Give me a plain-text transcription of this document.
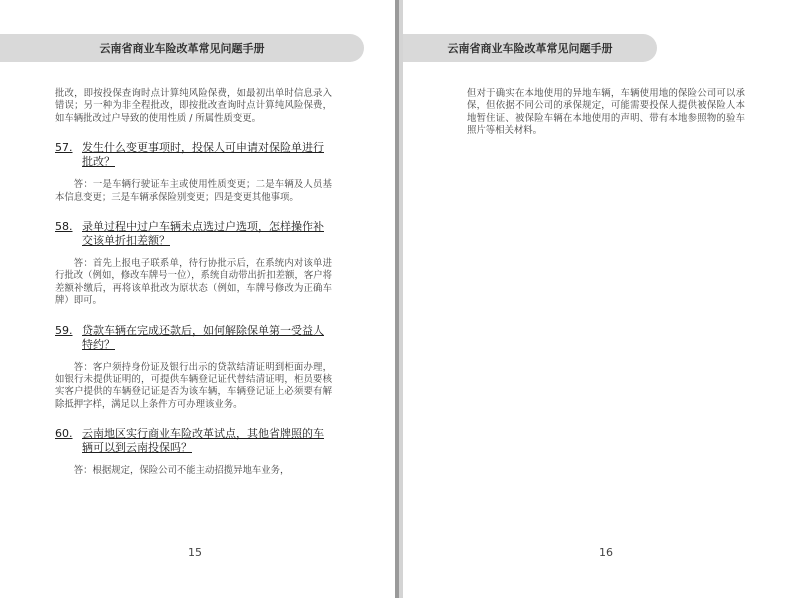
云南省商业车险改革常见问题手册

批改，即按投保查询时点计算纯风险保费，如最初出单时信息录入错误；另一种为非全程批改，即按批改查询时点计算纯风险保费，如车辆批改过户导致的使用性质 / 所属性质变更。

57. 发生什么变更事项时，投保人可申请对保险单进行批改？

答：一是车辆行驶证车主或使用性质变更；二是车辆及人员基本信息变更；三是车辆承保险别变更；四是变更其他事项。

58. 录单过程中过户车辆未点选过户选项，怎样操作补交该单折扣差额？

答：首先上报电子联系单，待行协批示后，在系统内对该单进行批改（例如，修改车牌号一位），系统自动带出折扣差额，客户将差额补缴后，再将该单批改为原状态（例如，车牌号修改为正确车牌）即可。

59. 贷款车辆在完成还款后，如何解除保单第一受益人特约？

答：客户须持身份证及银行出示的贷款结清证明到柜面办理，如银行未提供证明的，可提供车辆登记证代替结清证明，柜员要核实客户提供的车辆登记证是否为该车辆，车辆登记证上必须要有解除抵押字样，满足以上条件方可办理该业务。

60. 云南地区实行商业车险改革试点，其他省牌照的车辆可以到云南投保吗？

答：根据规定，保险公司不能主动招揽异地车业务，

15
云南省商业车险改革常见问题手册

但对于确实在本地使用的异地车辆，车辆使用地的保险公司可以承保，但依据不同公司的承保规定，可能需要投保人提供被保险人本地暂住证、被保险车辆在本地使用的声明、带有本地参照物的验车照片等相关材料。

16
